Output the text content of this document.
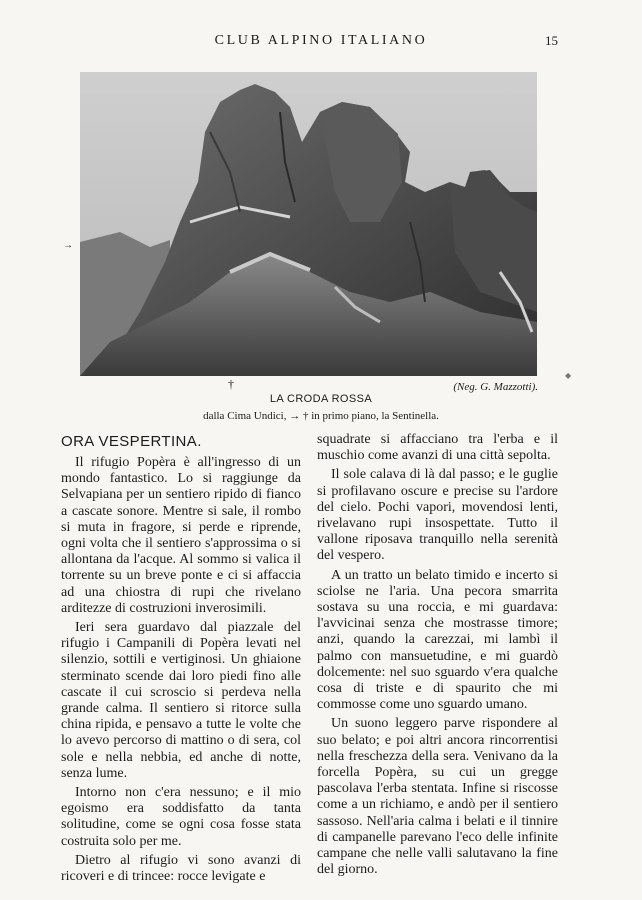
CLUB ALPINO ITALIANO	15
→
◆
†	(Neg. G. Mazzotti).
LA CRODA ROSSA
dalla Cima Undici, → † in primo piano, la Sentinella.
ORA VESPERTINA.

Il rifugio Popèra è all'ingresso di un mondo fantastico. Lo si raggiunge da Selvapiana per un sentiero ripido di fianco a cascate sonore. Mentre si sale, il rombo si muta in fragore, si perde e riprende, ogni volta che il sentiero s'approssima o si allontana da l'acque. Al sommo si valica il torrente su un breve ponte e ci si affaccia ad una chiostra di rupi che rivelano arditezze di costruzioni inverosimili.

Ieri sera guardavo dal piazzale del rifugio i Campanili di Popèra levati nel silenzio, sottili e vertiginosi. Un ghiaione sterminato scende dai loro piedi fino alle cascate il cui scroscio si perdeva nella grande calma. Il sentiero si ritorce sulla china ripida, e pensavo a tutte le volte che lo avevo percorso di mattino o di sera, col sole e nella nebbia, ed anche di notte, senza lume.

Intorno non c'era nessuno; e il mio egoismo era soddisfatto da tanta solitudine, come se ogni cosa fosse stata costruita solo per me.

Dietro al rifugio vi sono avanzi di ricoveri e di trincee: rocce levigate e

squadrate si affacciano tra l'erba e il muschio come avanzi di una città sepolta.

Il sole calava di là dal passo; e le guglie si profilavano oscure e precise su l'ardore del cielo. Pochi vapori, movendosi lenti, rivelavano rupi insospettate. Tutto il vallone riposava tranquillo nella serenità del vespero.

A un tratto un belato timido e incerto si sciolse ne l'aria. Una pecora smarrita sostava su una roccia, e mi guardava: l'avvicinai senza che mostrasse timore; anzi, quando la carezzai, mi lambì il palmo con mansuetudine, e mi guardò dolcemente: nel suo sguardo v'era qualche cosa di triste e di spaurito che mi commosse come uno sguardo umano.

Un suono leggero parve rispondere al suo belato; e poi altri ancora rincorrentisi nella freschezza della sera. Venivano da la forcella Popèra, su cui un gregge pascolava l'erba stentata. Infine si riscosse come a un richiamo, e andò per il sentiero sassoso. Nell'aria calma i belati e il tinnire di campanelle parevano l'eco delle infinite campane che nelle valli salutavano la fine del giorno.
